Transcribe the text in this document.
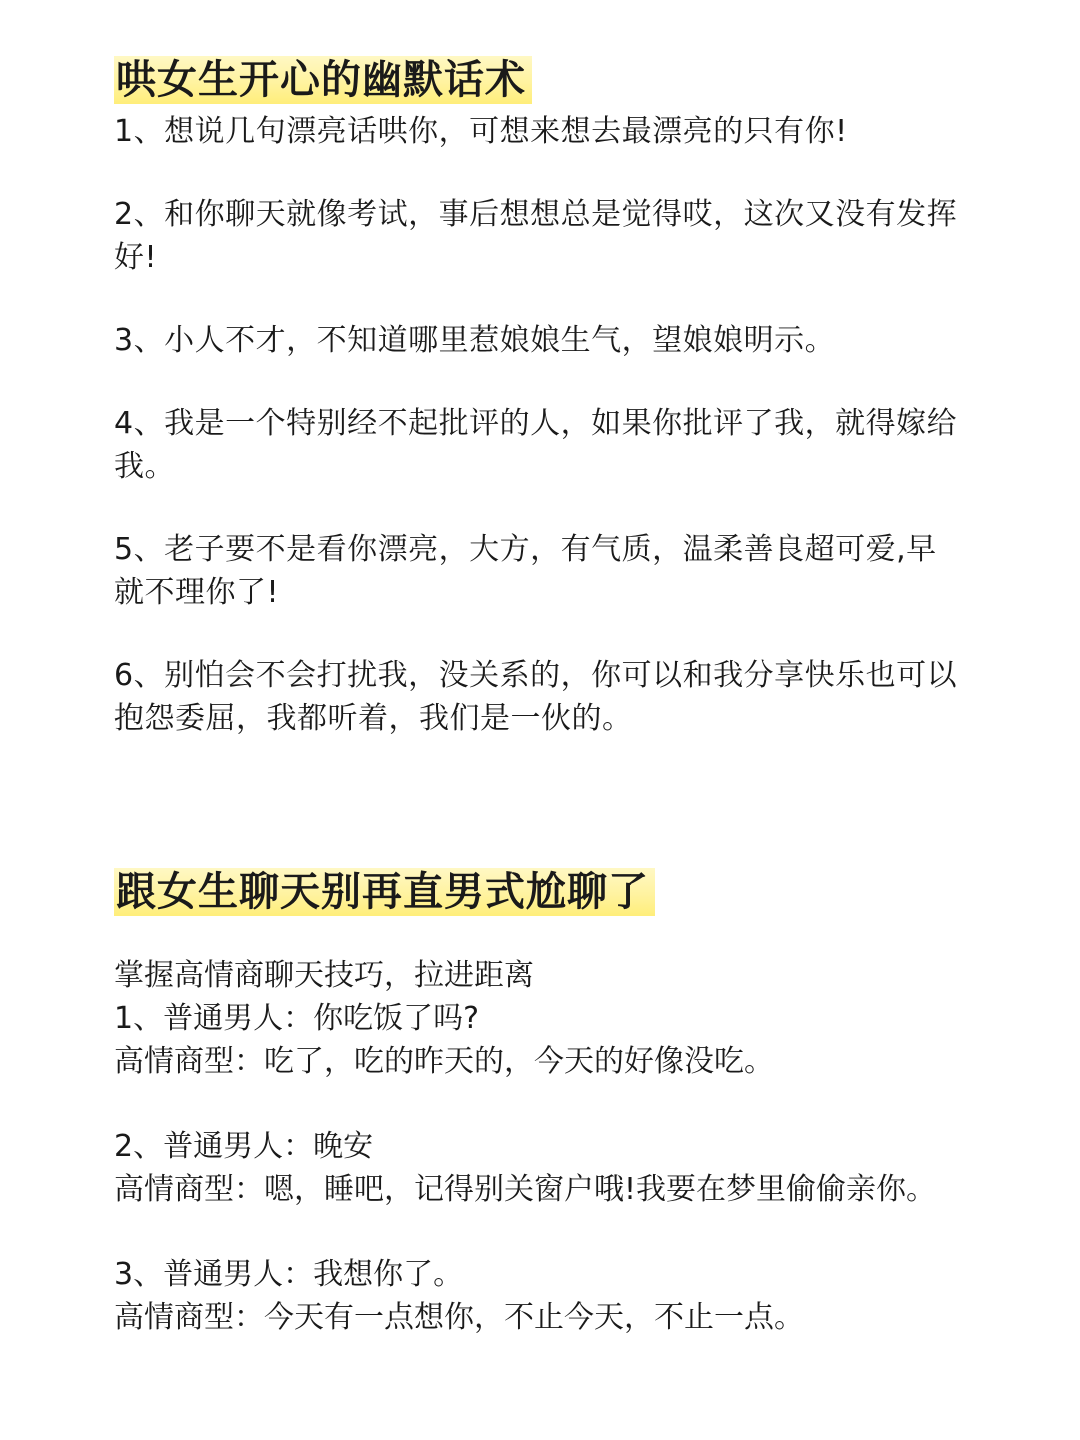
哄女生开心的幽默话术
1、想说几句漂亮话哄你，可想来想去最漂亮的只有你!
2、和你聊天就像考试，事后想想总是觉得哎，这次又没有发挥好!
3、小人不才，不知道哪里惹娘娘生气，望娘娘明示。
4、我是一个特别经不起批评的人，如果你批评了我，就得嫁给我。
5、老子要不是看你漂亮，大方，有气质，温柔善良超可爱,早就不理你了!
6、别怕会不会打扰我，没关系的，你可以和我分享快乐也可以抱怨委屈，我都听着，我们是一伙的。
跟女生聊天别再直男式尬聊了
掌握高情商聊天技巧，拉进距离
1、普通男人：你吃饭了吗?
高情商型：吃了，吃的昨天的，今天的好像没吃。
2、普通男人：晚安
高情商型：嗯，睡吧，记得别关窗户哦!我要在梦里偷偷亲你。
3、普通男人：我想你了。
高情商型：今天有一点想你，不止今天，不止一点。
